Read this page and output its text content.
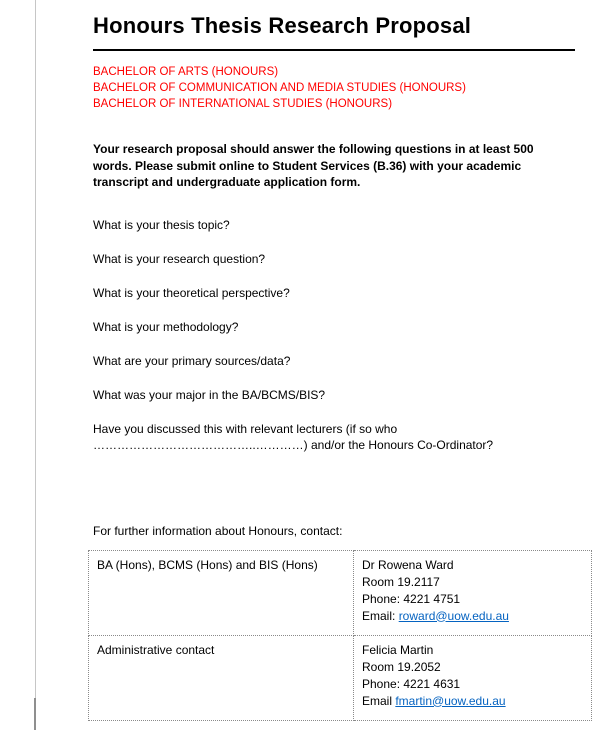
Honours Thesis Research Proposal
BACHELOR OF ARTS (HONOURS)
BACHELOR OF COMMUNICATION AND MEDIA STUDIES (HONOURS)
BACHELOR OF INTERNATIONAL STUDIES (HONOURS)

Your research proposal should answer the following questions in at least 500 words. Please submit online to Student Services (B.36) with your academic transcript and undergraduate application form.

What is your thesis topic?
What is your research question?
What is your theoretical perspective?
What is your methodology?
What are your primary sources/data?
What was your major in the BA/BCMS/BIS?
Have you discussed this with relevant lecturers (if so who …………………………………..…………) and/or the Honours Co-Ordinator?

For further information about Honours, contact:

BA (Hons), BCMS (Hons) and BIS (Hons)	Dr Rowena Ward
Room 19.2117
Phone: 4221 4751
Email: roward@uow.edu.au

Administrative contact	Felicia Martin
Room 19.2052
Phone: 4221 4631
Email fmartin@uow.edu.au
